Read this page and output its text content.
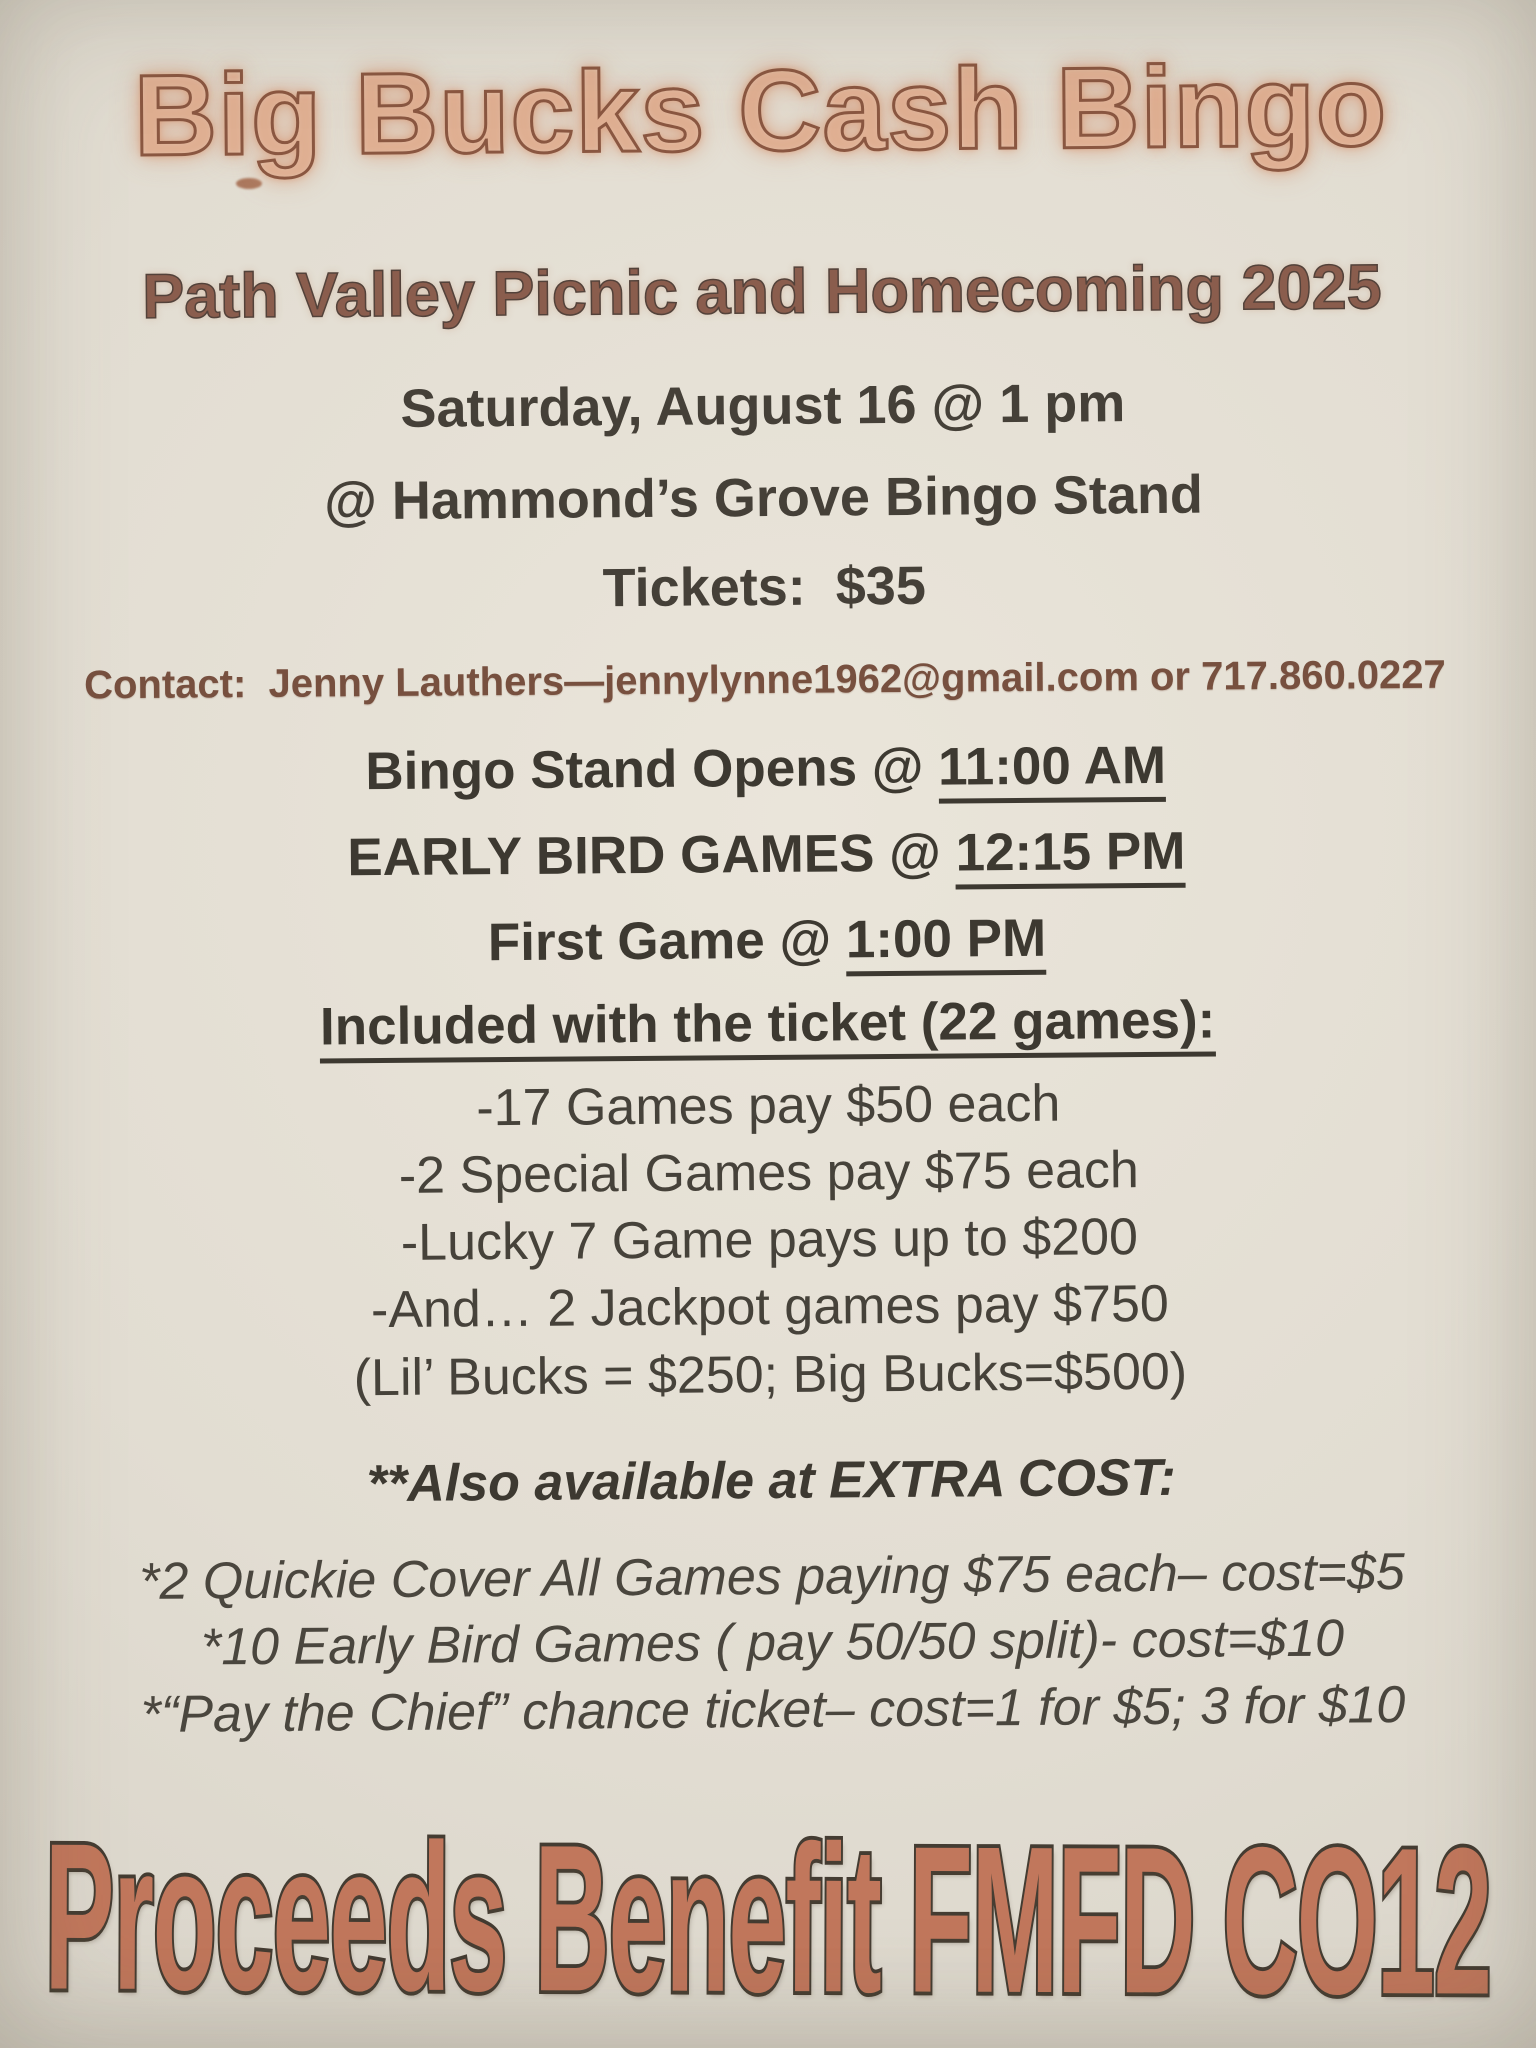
Big Bucks Cash Bingo
Path Valley Picnic and Homecoming 2025
Saturday, August 16 @ 1 pm
@ Hammond’s Grove Bingo Stand
Tickets:  $35
Contact:  Jenny Lauthers—jennylynne1962@gmail.com or 717.860.0227
Bingo Stand Opens @ 11:00 AM
EARLY BIRD GAMES @ 12:15 PM
First Game @ 1:00 PM
Included with the ticket (22 games):
-17 Games pay $50 each
-2 Special Games pay $75 each
-Lucky 7 Game pays up to $200
-And… 2 Jackpot games pay $750
(Lil’ Bucks = $250; Big Bucks=$500)
**Also available at EXTRA COST:
*2 Quickie Cover All Games paying $75 each– cost=$5
*10 Early Bird Games ( pay 50/50 split)- cost=$10
*“Pay the Chief” chance ticket– cost=1 for $5; 3 for $10
Proceeds Benefit FMFD CO12
